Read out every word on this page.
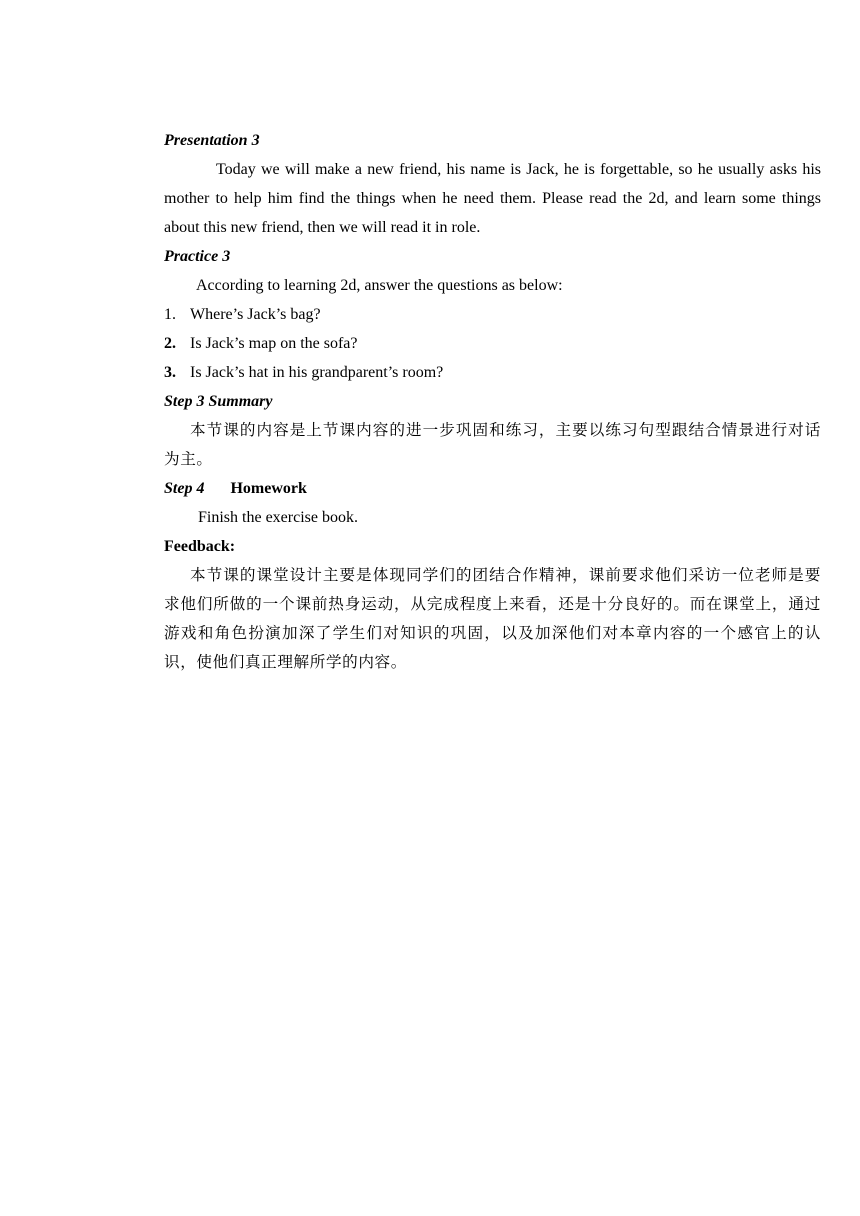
Presentation 3

Today we will make a new friend, his name is Jack, he is forgettable, so he usually asks his mother to help him find the things when he need them. Please read the 2d, and learn some things about this new friend, then we will read it in role.

Practice 3
According to learning 2d, answer the questions as below:
1. Where’s Jack’s bag?
2. Is Jack’s map on the sofa?
3. Is Jack’s hat in his grandparent’s room?
Step 3 Summary

本节课的内容是上节课内容的进一步巩固和练习，主要以练习句型跟结合情景进行对话为主。

Step 4 Homework
Finish the exercise book.
Feedback:

本节课的课堂设计主要是体现同学们的团结合作精神，课前要求他们采访一位老师是要求他们所做的一个课前热身运动，从完成程度上来看，还是十分良好的。而在课堂上，通过游戏和角色扮演加深了学生们对知识的巩固，以及加深他们对本章内容的一个感官上的认识，使他们真正理解所学的内容。
